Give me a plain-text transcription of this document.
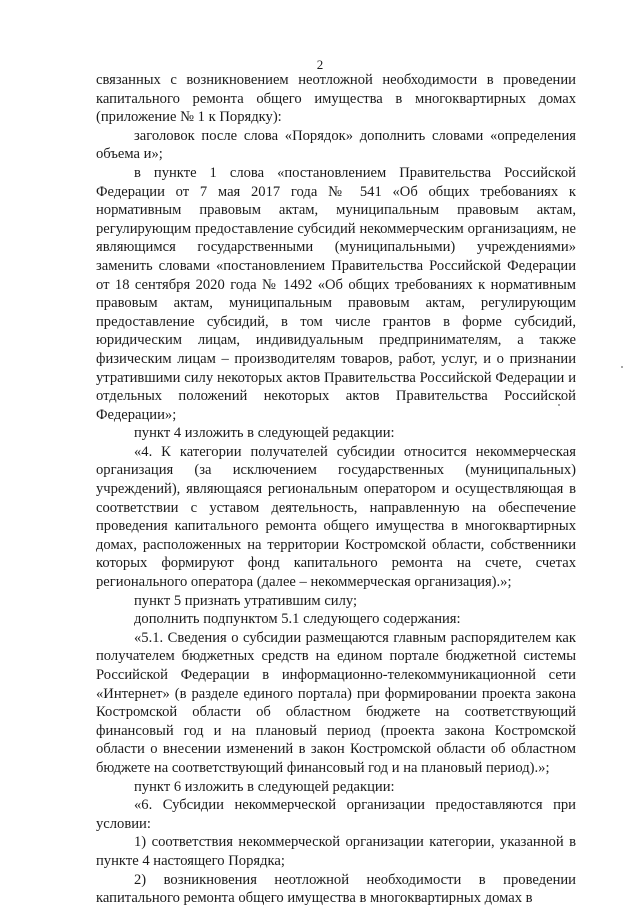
2

связанных с возникновением неотложной необходимости в проведении капитального ремонта общего имущества в многоквартирных домах (приложение № 1 к Порядку):

заголовок после слова «Порядок» дополнить словами «определения объема и»;

в пункте 1 слова «постановлением Правительства Российской Федерации от 7 мая 2017 года № 541 «Об общих требованиях к нормативным правовым актам, муниципальным правовым актам, регулирующим предоставление субсидий некоммерческим организациям, не являющимся государственными (муниципальными) учреждениями» заменить словами «постановлением Правительства Российской Федерации от 18 сентября 2020 года № 1492 «Об общих требованиях к нормативным правовым актам, муниципальным правовым актам, регулирующим предоставление субсидий, в том числе грантов в форме субсидий, юридическим лицам, индивидуальным предпринимателям, а также физическим лицам – производителям товаров, работ, услуг, и о признании утратившими силу некоторых актов Правительства Российской Федерации и отдельных положений некоторых актов Правительства Российской Федерации»;

пункт 4 изложить в следующей редакции:

«4. К категории получателей субсидии относится некоммерческая организация (за исключением государственных (муниципальных) учреждений), являющаяся региональным оператором и осуществляющая в соответствии с уставом деятельность, направленную на обеспечение проведения капитального ремонта общего имущества в многоквартирных домах, расположенных на территории Костромской области, собственники которых формируют фонд капитального ремонта на счете, счетах регионального оператора (далее – некоммерческая организация).»;

пункт 5 признать утратившим силу;

дополнить подпунктом 5.1 следующего содержания:

«5.1. Сведения о субсидии размещаются главным распорядителем как получателем бюджетных средств на едином портале бюджетной системы Российской Федерации в информационно-телекоммуникационной сети «Интернет» (в разделе единого портала) при формировании проекта закона Костромской области об областном бюджете на соответствующий финансовый год и на плановый период (проекта закона Костромской области о внесении изменений в закон Костромской области об областном бюджете на соответствующий финансовый год и на плановый период).»;

пункт 6 изложить в следующей редакции:

«6. Субсидии некоммерческой организации предоставляются при условии:

1) соответствия некоммерческой организации категории, указанной в пункте 4 настоящего Порядка;

2) возникновения неотложной необходимости в проведении капитального ремонта общего имущества в многоквартирных домах в
